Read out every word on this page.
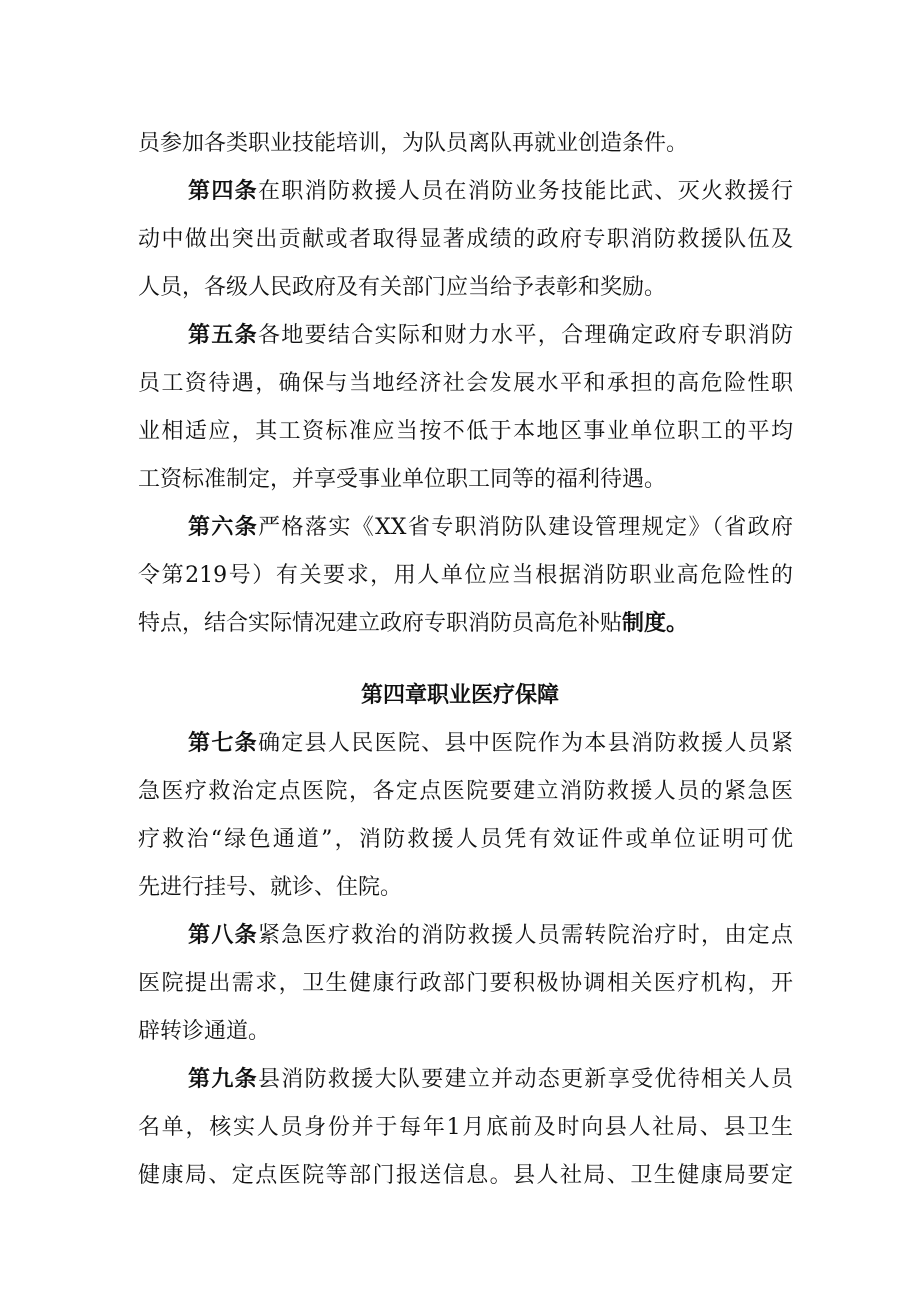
员参加各类职业技能培训，为队员离队再就业创造条件。
第四条在职消防救援人员在消防业务技能比武、灭火救援行
动中做出突出贡献或者取得显著成绩的政府专职消防救援队伍及
人员，各级人民政府及有关部门应当给予表彰和奖励。
第五条各地要结合实际和财力水平，合理确定政府专职消防
员工资待遇，确保与当地经济社会发展水平和承担的高危险性职
业相适应，其工资标准应当按不低于本地区事业单位职工的平均
工资标准制定，并享受事业单位职工同等的福利待遇。
第六条严格落实《XX省专职消防队建设管理规定》（省政府
令第219号）有关要求，用人单位应当根据消防职业高危险性的
特点，结合实际情况建立政府专职消防员高危补贴制度。
第四章职业医疗保障
第七条确定县人民医院、县中医院作为本县消防救援人员紧
急医疗救治定点医院，各定点医院要建立消防救援人员的紧急医
疗救治“绿色通道”，消防救援人员凭有效证件或单位证明可优
先进行挂号、就诊、住院。
第八条紧急医疗救治的消防救援人员需转院治疗时，由定点
医院提出需求，卫生健康行政部门要积极协调相关医疗机构，开
辟转诊通道。
第九条县消防救援大队要建立并动态更新享受优待相关人员
名单，核实人员身份并于每年1月底前及时向县人社局、县卫生
健康局、定点医院等部门报送信息。县人社局、卫生健康局要定
